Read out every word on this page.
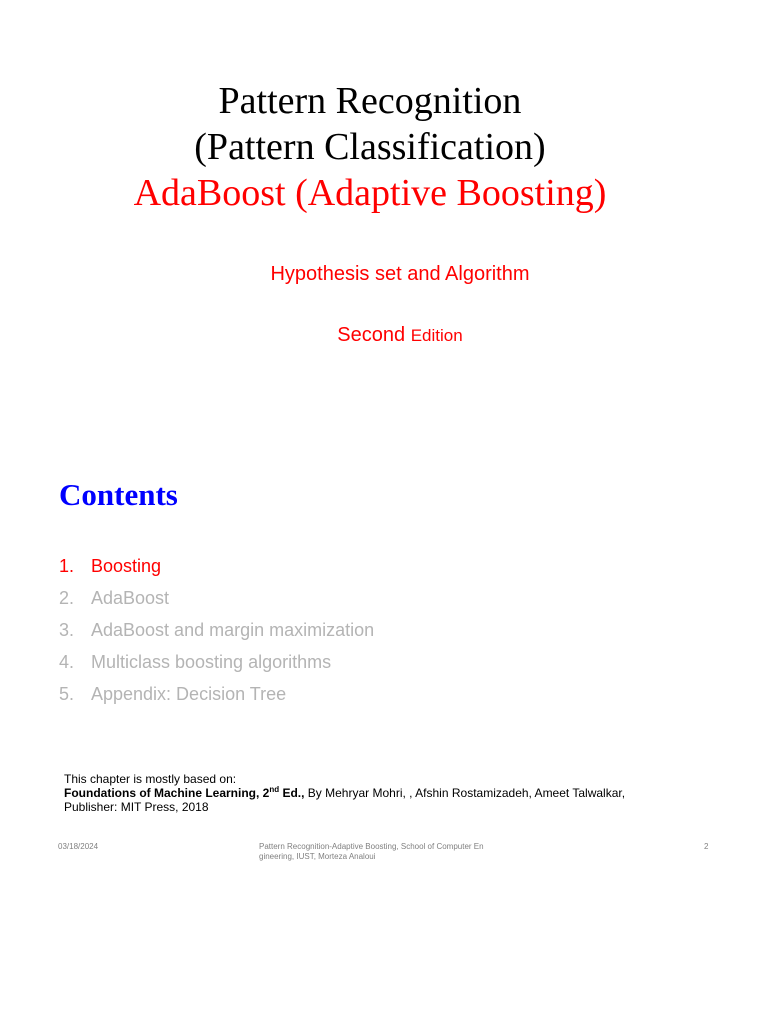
Pattern Recognition
(Pattern Classification)
AdaBoost (Adaptive Boosting)
Hypothesis set and Algorithm
Second Edition
Contents
1. Boosting
2. AdaBoost
3. AdaBoost and margin maximization
4. Multiclass boosting algorithms
5. Appendix: Decision Tree
This chapter is mostly based on:
Foundations of Machine Learning, 2nd Ed., By Mehryar Mohri, , Afshin Rostamizadeh, Ameet Talwalkar,
Publisher: MIT Press, 2018
03/18/2024	Pattern Recognition-Adaptive Boosting, School of Computer En
gineering, IUST, Morteza Analoui
2
